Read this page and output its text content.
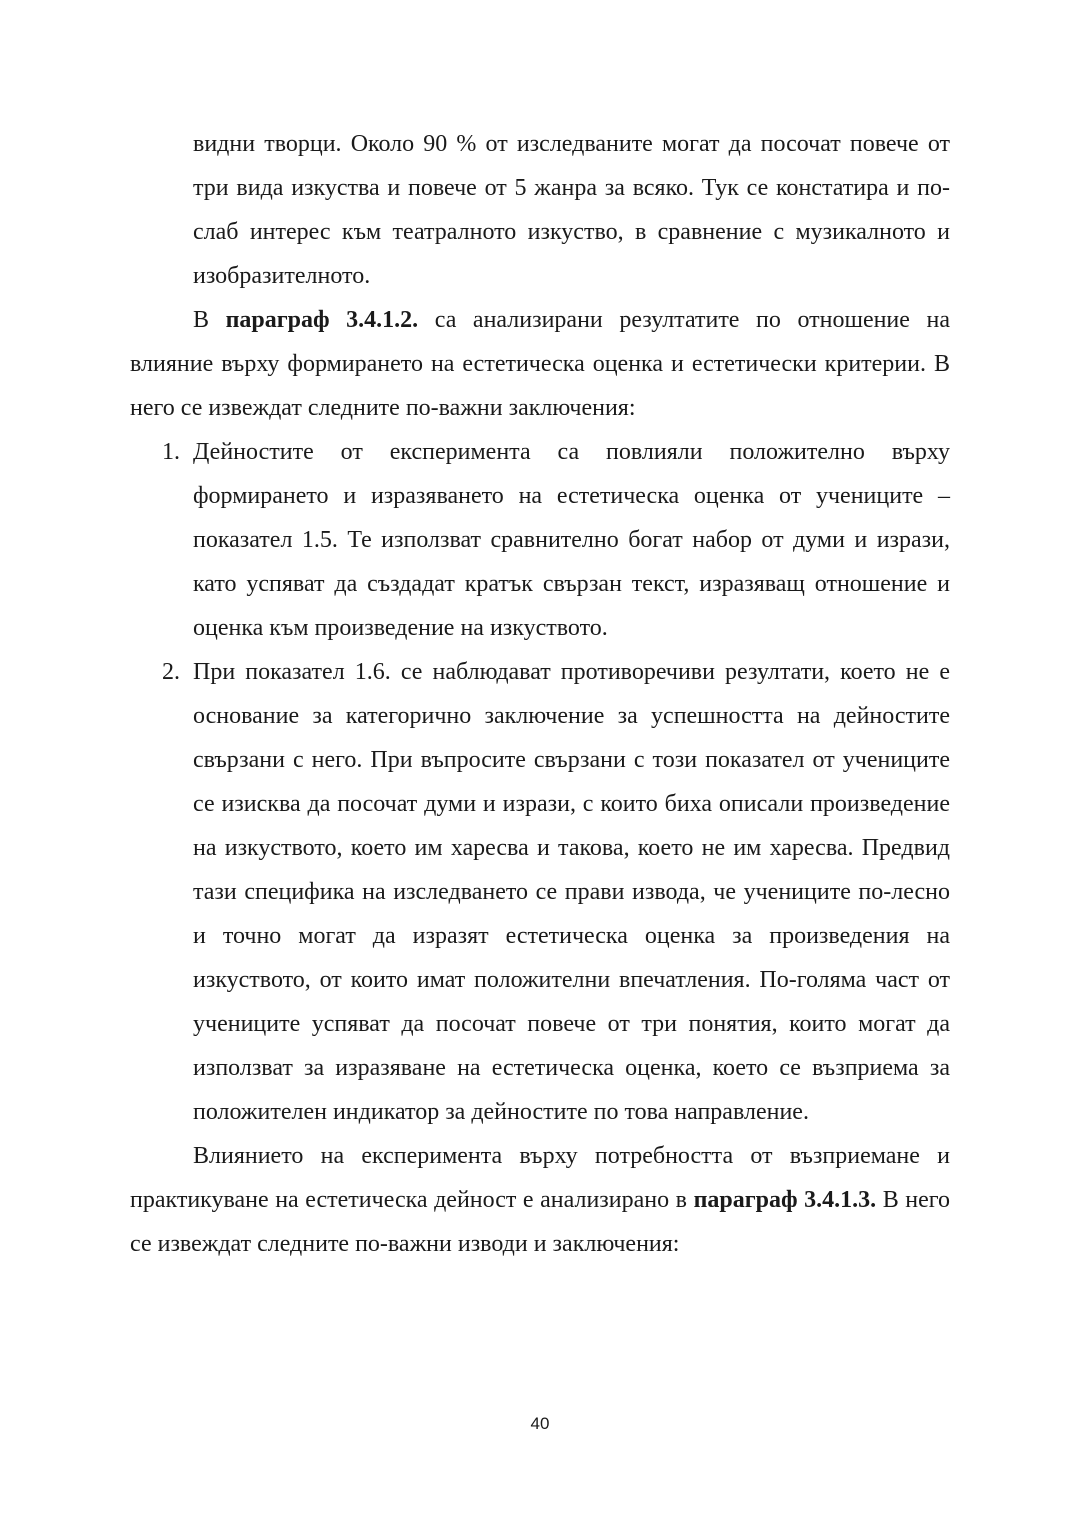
видни творци. Около 90 % от изследваните могат да посочат повече от три вида изкуства и повече от 5 жанра за всяко. Тук се констатира и по-слаб интерес към театралното изкуство, в сравнение с музикалното и изобразителното.

В параграф 3.4.1.2. са анализирани резултатите по отношение на влияние върху формирането на естетическа оценка и естетически критерии. В него се извеждат следните по-важни заключения:

1. Дейностите от експеримента са повлияли положително върху формирането и изразяването на естетическа оценка от учениците – показател 1.5. Те използват сравнително богат набор от думи и изрази, като успяват да създадат кратък свързан текст, изразяващ отношение и оценка към произведение на изкуството.
2. При показател 1.6. се наблюдават противоречиви резултати, което не е основание за категорично заключение за успешността на дейностите свързани с него. При въпросите свързани с този показател от учениците се изисква да посочат думи и изрази, с които биха описали произведение на изкуството, което им харесва и такова, което не им харесва. Предвид тази специфика на изследването се прави извода, че учениците по-лесно и точно могат да изразят естетическа оценка за произведения на изкуството, от които имат положителни впечатления. По-голяма част от учениците успяват да посочат повече от три понятия, които могат да използват за изразяване на естетическа оценка, което се възприема за положителен индикатор за дейностите по това направление.

Влиянието на експеримента върху потребността от възприемане и практикуване на естетическа дейност е анализирано в параграф 3.4.1.3. В него се извеждат следните по-важни изводи и заключения:

40
